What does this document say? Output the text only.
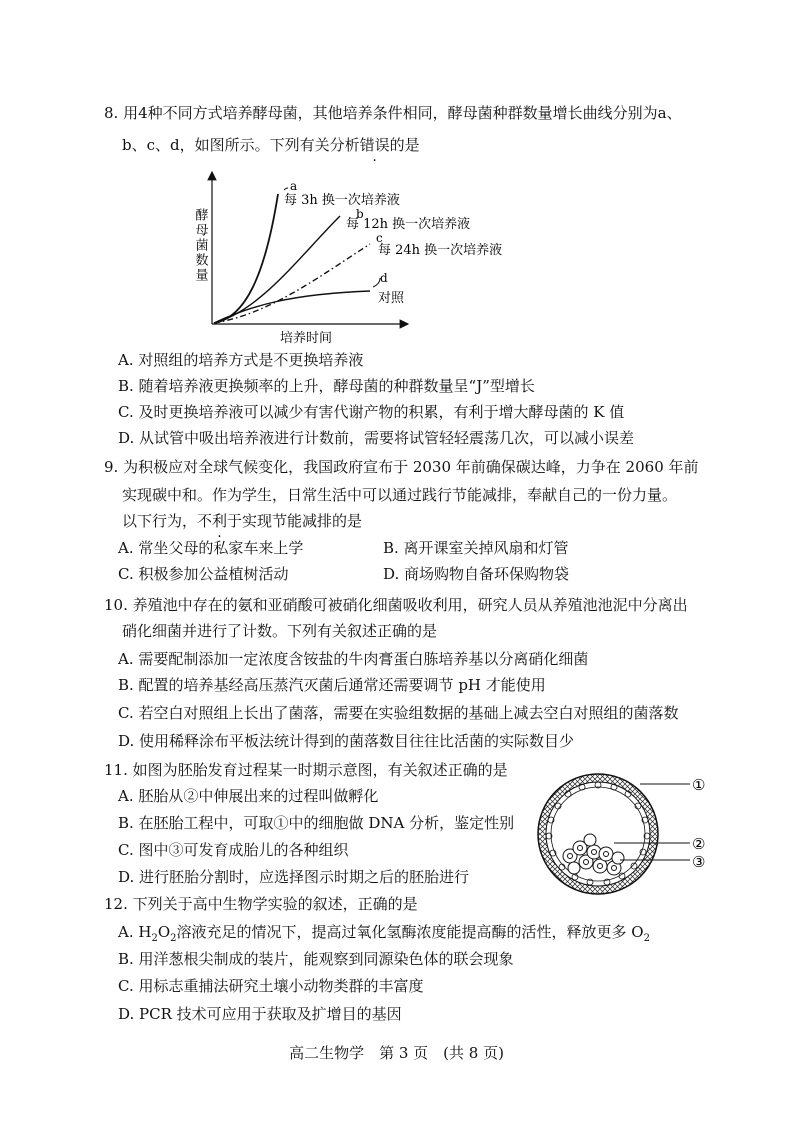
8. 用4种不同方式培养酵母菌，其他培养条件相同，酵母菌种群数量增长曲线分别为a、
b、c、d，如图所示。下列有关分析错误的是
酵母菌数量
培养时间
a
每 3h 换一次培养液
b
每 12h 换一次培养液
c
每 24h 换一次培养液
d
对照
A. 对照组的培养方式是不更换培养液
B. 随着培养液更换频率的上升，酵母菌的种群数量呈“J”型增长
C. 及时更换培养液可以减少有害代谢产物的积累，有利于增大酵母菌的 K 值
D. 从试管中吸出培养液进行计数前，需要将试管轻轻震荡几次，可以减小误差
9. 为积极应对全球气候变化，我国政府宣布于 2030 年前确保碳达峰，力争在 2060 年前
实现碳中和。作为学生，日常生活中可以通过践行节能减排，奉献自己的一份力量。
以下行为，不利于实现节能减排的是
A. 常坐父母的私家车来上学	B. 离开课室关掉风扇和灯管
C. 积极参加公益植树活动	D. 商场购物自备环保购物袋
10. 养殖池中存在的氨和亚硝酸可被硝化细菌吸收利用，研究人员从养殖池池泥中分离出
硝化细菌并进行了计数。下列有关叙述正确的是
A. 需要配制添加一定浓度含铵盐的牛肉膏蛋白胨培养基以分离硝化细菌
B. 配置的培养基经高压蒸汽灭菌后通常还需要调节 pH 才能使用
C. 若空白对照组上长出了菌落，需要在实验组数据的基础上减去空白对照组的菌落数
D. 使用稀释涂布平板法统计得到的菌落数目往往比活菌的实际数目少
11. 如图为胚胎发育过程某一时期示意图，有关叙述正确的是
A. 胚胎从②中伸展出来的过程叫做孵化
B. 在胚胎工程中，可取①中的细胞做 DNA 分析，鉴定性别
C. 图中③可发育成胎儿的各种组织
D. 进行胚胎分割时，应选择图示时期之后的胚胎进行
①
②
③
12. 下列关于高中生物学实验的叙述，正确的是
A. $H_2O_2$溶液充足的情况下，提高过氧化氢酶浓度能提高酶的活性，释放更多 $O_2$
B. 用洋葱根尖制成的装片，能观察到同源染色体的联会现象
C. 用标志重捕法研究土壤小动物类群的丰富度
D. PCR 技术可应用于获取及扩增目的基因
高二生物学　第 3 页　(共 8 页)
